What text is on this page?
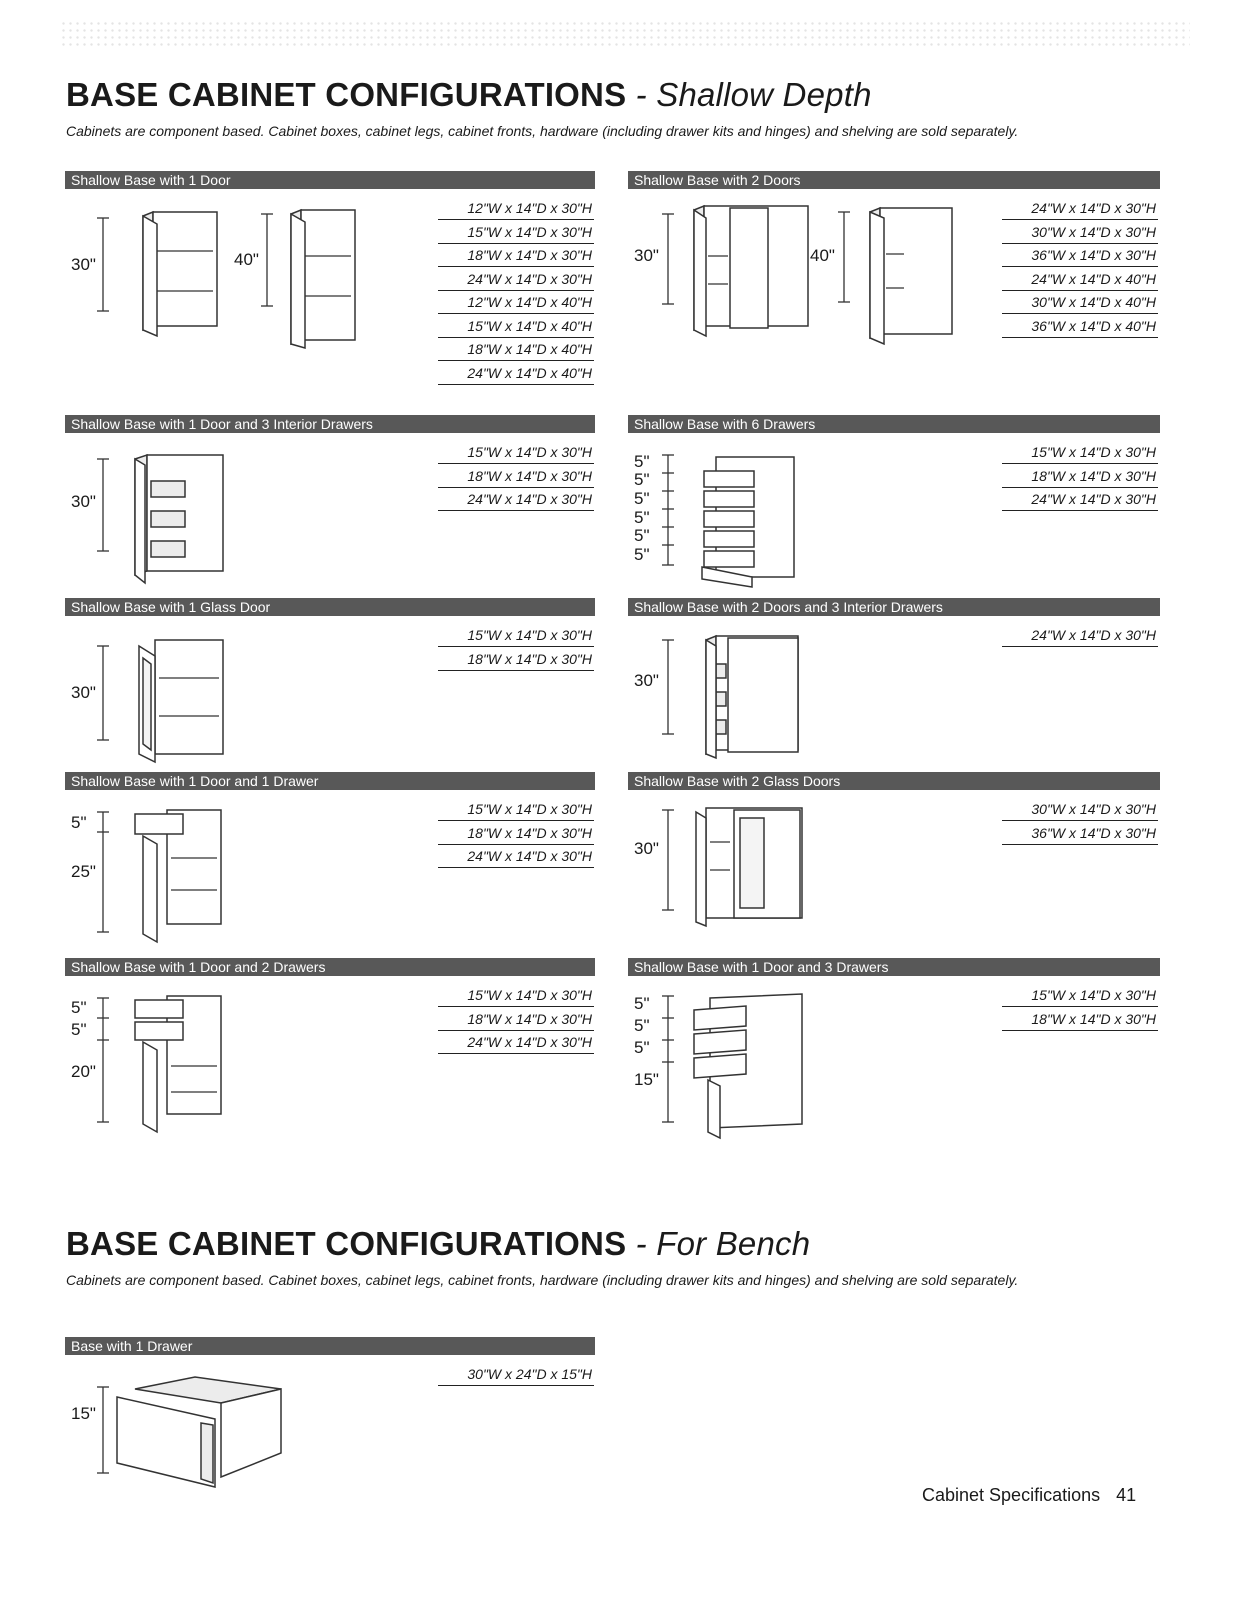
BASE CABINET CONFIGURATIONS - Shallow Depth

Cabinets are component based. Cabinet boxes, cabinet legs, cabinet fronts, hardware (including drawer kits and hinges) and shelving are sold separately.

Shallow Base with 1 Door
30"	40"
12"W x 14"D x 30"H
15"W x 14"D x 30"H
18"W x 14"D x 30"H
24"W x 14"D x 30"H
12"W x 14"D x 40"H
15"W x 14"D x 40"H
18"W x 14"D x 40"H
24"W x 14"D x 40"H
Shallow Base with 2 Doors
30"	40"
24"W x 14"D x 30"H
30"W x 14"D x 30"H
36"W x 14"D x 30"H
24"W x 14"D x 40"H
30"W x 14"D x 40"H
36"W x 14"D x 40"H
Shallow Base with 1 Door and 3 Interior Drawers
30"
15"W x 14"D x 30"H
18"W x 14"D x 30"H
24"W x 14"D x 30"H
Shallow Base with 6 Drawers
5"
5"
5"
5"
5"
5"
15"W x 14"D x 30"H
18"W x 14"D x 30"H
24"W x 14"D x 30"H
Shallow Base with 1 Glass Door
30"
15"W x 14"D x 30"H
18"W x 14"D x 30"H
Shallow Base with 2 Doors and 3 Interior Drawers
30"
24"W x 14"D x 30"H
Shallow Base with 1 Door and 1 Drawer
5"
25"
15"W x 14"D x 30"H
18"W x 14"D x 30"H
24"W x 14"D x 30"H
Shallow Base with 2 Glass Doors
30"
30"W x 14"D x 30"H
36"W x 14"D x 30"H
Shallow Base with 1 Door and 2 Drawers
5"
5"
20"
15"W x 14"D x 30"H
18"W x 14"D x 30"H
24"W x 14"D x 30"H
Shallow Base with 1 Door and 3 Drawers
5"
5"
5"
15"
15"W x 14"D x 30"H
18"W x 14"D x 30"H
BASE CABINET CONFIGURATIONS - For Bench

Cabinets are component based. Cabinet boxes, cabinet legs, cabinet fronts, hardware (including drawer kits and hinges) and shelving are sold separately.

Base with 1 Drawer
15"
30"W x 24"D x 15"H
Cabinet Specifications 41
